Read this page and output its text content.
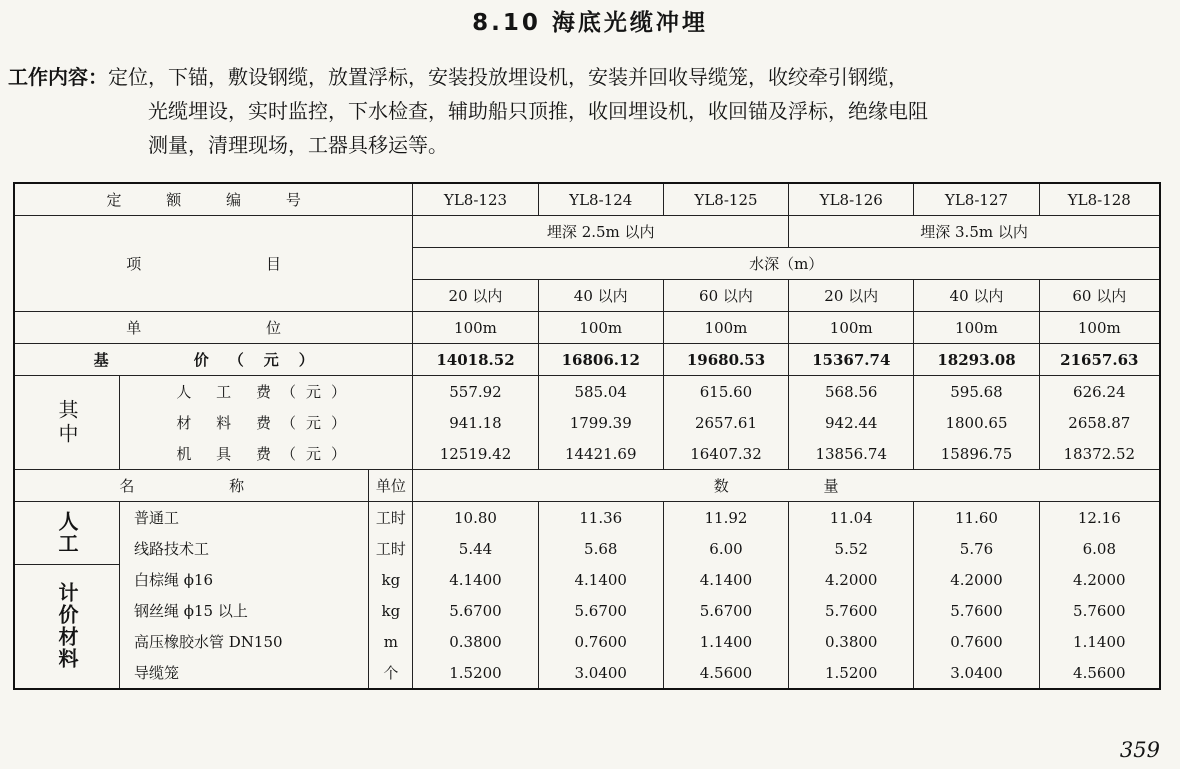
8.10 海底光缆冲埋
工作内容：定位，下锚，敷设钢缆，放置浮标，安装投放埋设机，安装并回收导缆笼，收绞牵引钢缆，
光缆埋设，实时监控，下水检查，辅助船只顶推，收回埋设机，收回锚及浮标，绝缘电阻
测量，清理现场，工器具移运等。
定 额 编 号			YL8-123	YL8-124	YL8-125	YL8-126	YL8-127	YL8-128
项 目			埋深 2.5m 以内			埋深 3.5m 以内		
			水深（m）					
			20 以内	40 以内	60 以内	20 以内	40 以内	60 以内
单 位			100m	100m	100m	100m	100m	100m
基 价（元）			14018.52	16806.12	19680.53	15367.74	18293.08	21657.63
其中	人 工 费（元）		557.92	585.04	615.60	568.56	595.68	626.24
	材 料 费（元）		941.18	1799.39	2657.61	942.44	1800.65	2658.87
	机 具 费（元）		12519.42	14421.69	16407.32	13856.74	15896.75	18372.52
名 称		单位	数 量					
人工	普通工	工时	10.80	11.36	11.92	11.04	11.60	12.16
	线路技术工	工时	5.44	5.68	6.00	5.52	5.76	6.08
计价材料	白棕绳 ϕ16	kg	4.1400	4.1400	4.1400	4.2000	4.2000	4.2000
	钢丝绳 ϕ15 以上	kg	5.6700	5.6700	5.6700	5.7600	5.7600	5.7600
	高压橡胶水管 DN150	m	0.3800	0.7600	1.1400	0.3800	0.7600	1.1400
	导缆笼	个	1.5200	3.0400	4.5600	1.5200	3.0400	4.5600
359
